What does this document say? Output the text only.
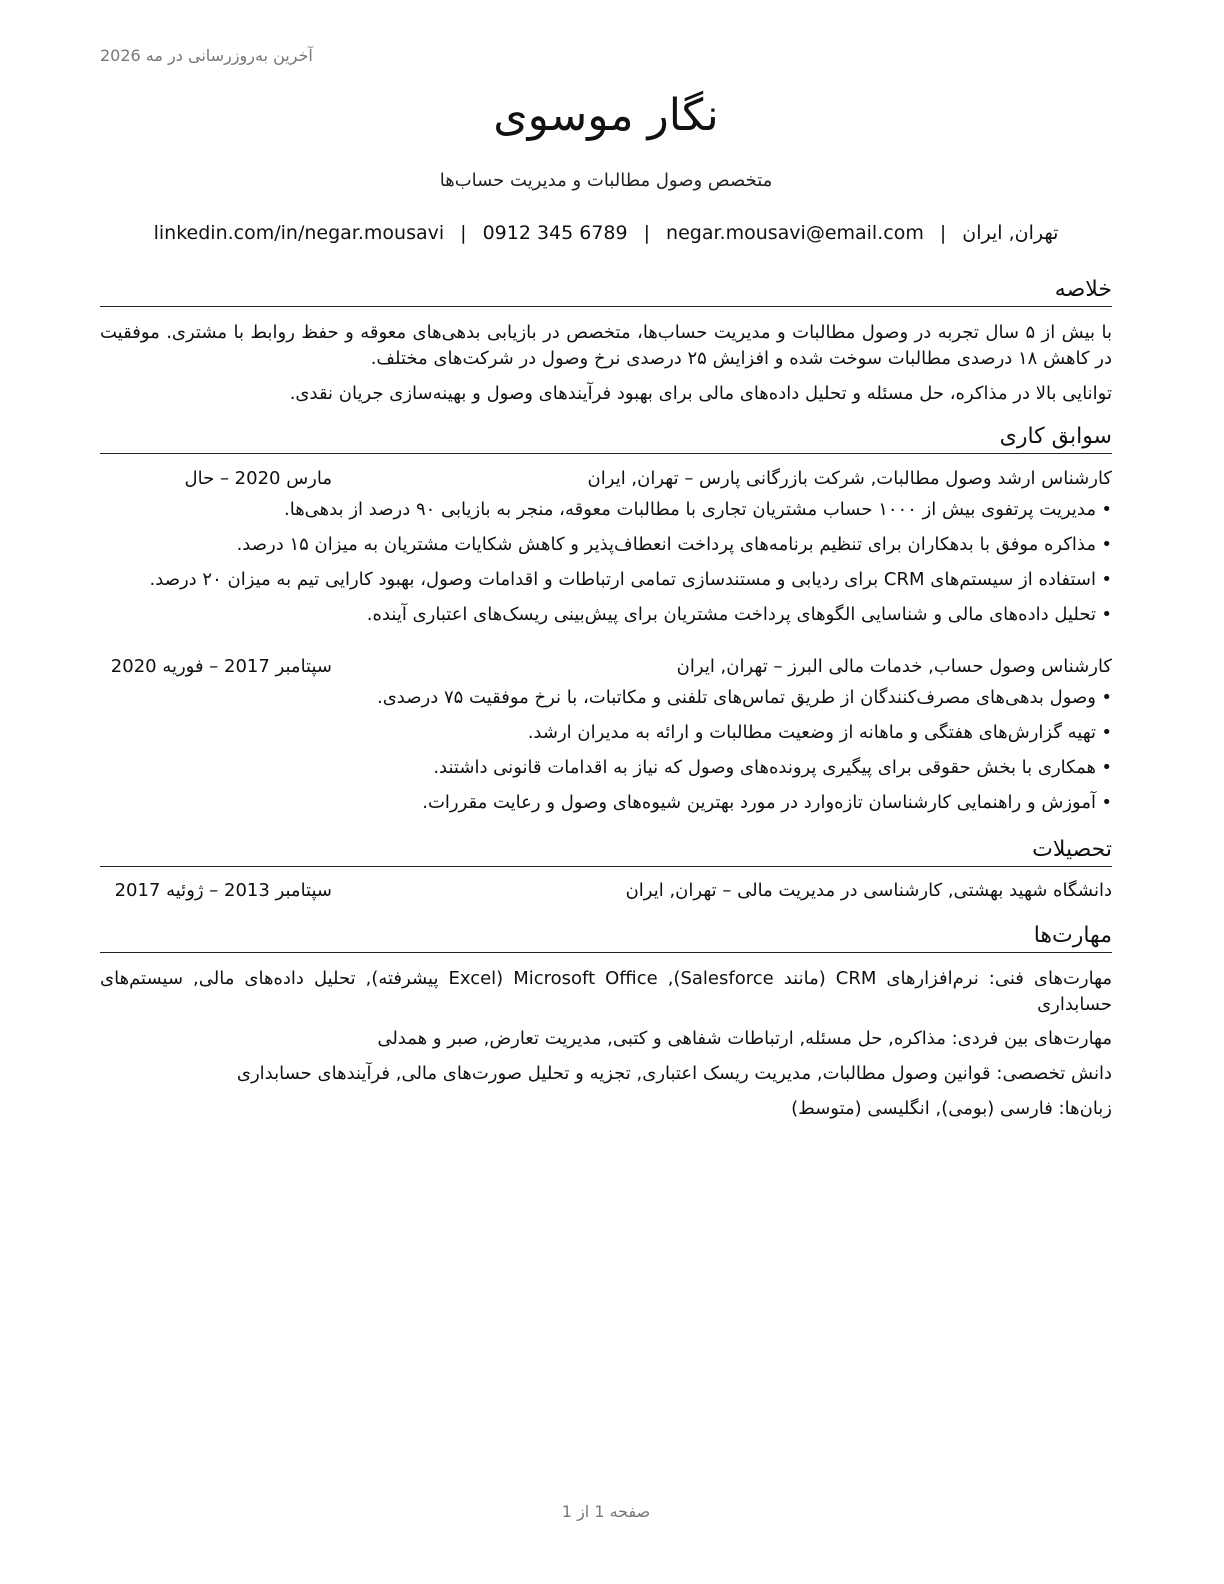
آخرین به‌روزرسانی در مه 2026
نگار موسوی
متخصص وصول مطالبات و مدیریت حساب‌ها
تهران, ایران|negar.mousavi@email.com|0912 345 6789|linkedin.com/in/negar.mousavi
خلاصه
با بیش از ۵ سال تجربه در وصول مطالبات و مدیریت حساب‌ها، متخصص در بازیابی بدهی‌های معوقه و حفظ روابط با مشتری. موفقیت در کاهش ۱۸ درصدی مطالبات سوخت شده و افزایش ۲۵ درصدی نرخ وصول در شرکت‌های مختلف.
توانایی بالا در مذاکره، حل مسئله و تحلیل داده‌های مالی برای بهبود فرآیندهای وصول و بهینه‌سازی جریان نقدی.
سوابق کاری
کارشناس ارشد وصول مطالبات, شرکت بازرگانی پارس – تهران, ایران
مارس 2020 – حال
•مدیریت پرتفوی بیش از ۱۰۰۰ حساب مشتریان تجاری با مطالبات معوقه، منجر به بازیابی ۹۰ درصد از بدهی‌ها.
•مذاکره موفق با بدهکاران برای تنظیم برنامه‌های پرداخت انعطاف‌پذیر و کاهش شکایات مشتریان به میزان ۱۵ درصد.
•استفاده از سیستم‌های CRM برای ردیابی و مستندسازی تمامی ارتباطات و اقدامات وصول، بهبود کارایی تیم به میزان ۲۰ درصد.
•تحلیل داده‌های مالی و شناسایی الگوهای پرداخت مشتریان برای پیش‌بینی ریسک‌های اعتباری آینده.
کارشناس وصول حساب, خدمات مالی البرز – تهران, ایران
سپتامبر 2017 – فوریه 2020
•وصول بدهی‌های مصرف‌کنندگان از طریق تماس‌های تلفنی و مکاتبات، با نرخ موفقیت ۷۵ درصدی.
•تهیه گزارش‌های هفتگی و ماهانه از وضعیت مطالبات و ارائه به مدیران ارشد.
•همکاری با بخش حقوقی برای پیگیری پرونده‌های وصول که نیاز به اقدامات قانونی داشتند.
•آموزش و راهنمایی کارشناسان تازه‌وارد در مورد بهترین شیوه‌های وصول و رعایت مقررات.
تحصیلات
دانشگاه شهید بهشتی, کارشناسی در مدیریت مالی – تهران, ایران
سپتامبر 2013 – ژوئیه 2017
مهارت‌ها
مهارت‌های فنی: نرم‌افزارهای CRM (مانند Salesforce), Microsoft Office (Excel پیشرفته), تحلیل داده‌های مالی, سیستم‌های حسابداری
مهارت‌های بین فردی: مذاکره, حل مسئله, ارتباطات شفاهی و کتبی, مدیریت تعارض, صبر و همدلی
دانش تخصصی: قوانین وصول مطالبات, مدیریت ریسک اعتباری, تجزیه و تحلیل صورت‌های مالی, فرآیندهای حسابداری
زبان‌ها: فارسی (بومی), انگلیسی (متوسط)
صفحه 1 از 1
